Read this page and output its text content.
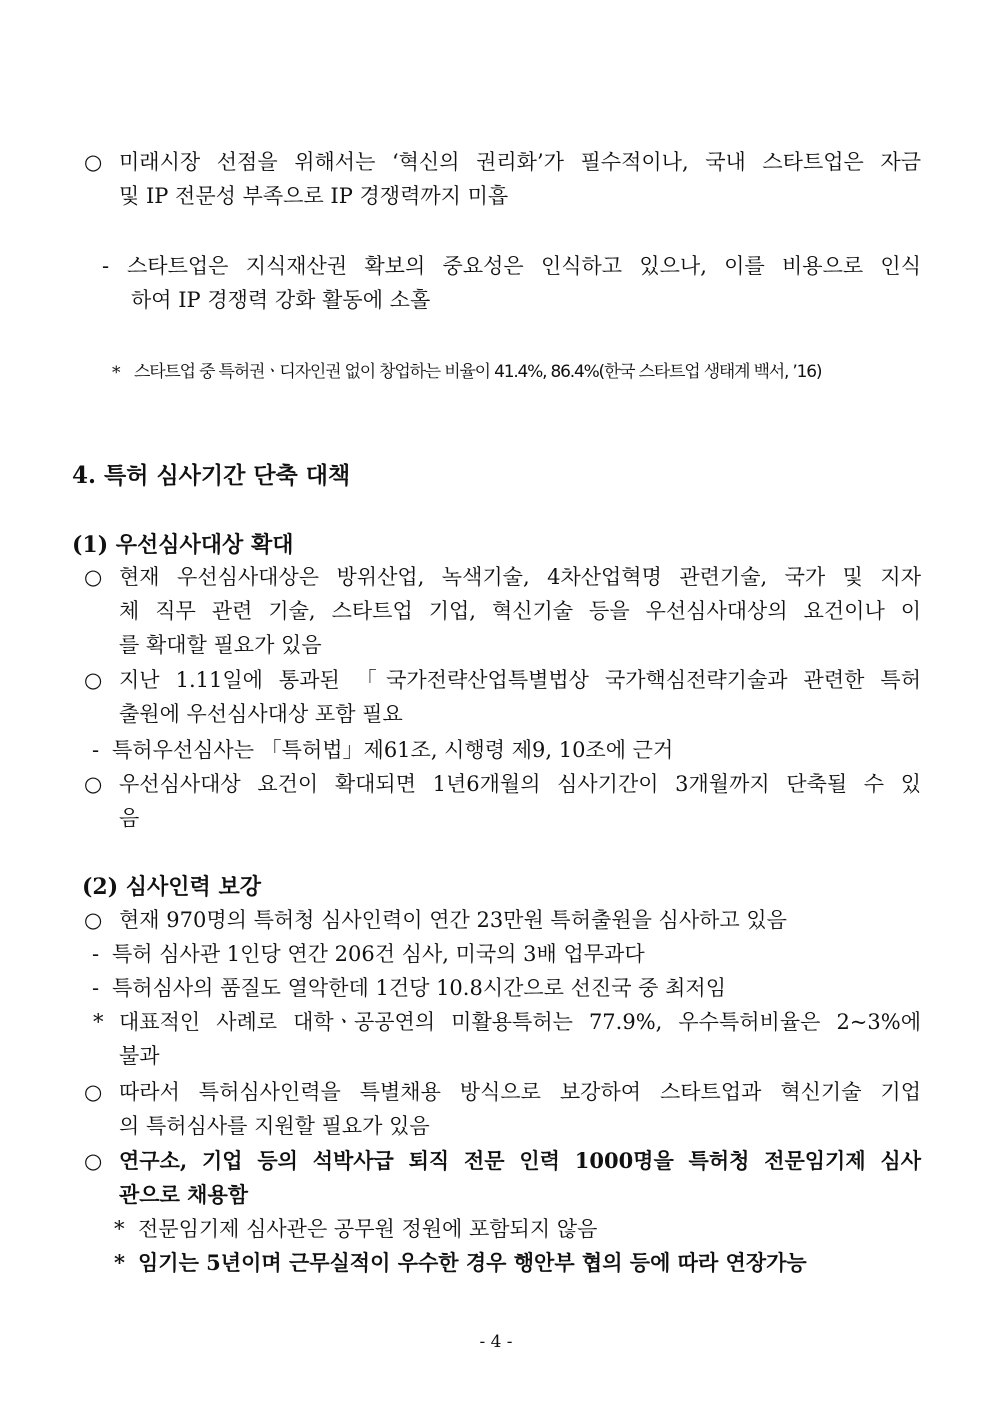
○ 미래시장 선점을 위해서는 ‘혁신의 권리화’가 필수적이나, 국내 스타트업은 자금
및 IP 전문성 부족으로 IP 경쟁력까지 미흡
- 스타트업은 지식재산권 확보의 중요성은 인식하고 있으나, 이를 비용으로 인식
하여 IP 경쟁력 강화 활동에 소홀
* 스타트업 중 특허권ㆍ디자인권 없이 창업하는 비율이 41.4%, 86.4%(한국 스타트업 생태계 백서, ’16)
4. 특허 심사기간 단축 대책
(1) 우선심사대상 확대
○ 현재 우선심사대상은 방위산업, 녹색기술, 4차산업혁명 관련기술, 국가 및 지자
체 직무 관련 기술, 스타트업 기업, 혁신기술 등을 우선심사대상의 요건이나 이
를 확대할 필요가 있음
○ 지난 1.11일에 통과된 「국가전략산업특별법상 국가핵심전략기술과 관련한 특허
출원에 우선심사대상 포함 필요
- 특허우선심사는 「특허법」제61조, 시행령 제9, 10조에 근거
○ 우선심사대상 요건이 확대되면 1년6개월의 심사기간이 3개월까지 단축될 수 있
음
(2) 심사인력 보강
○ 현재 970명의 특허청 심사인력이 연간 23만원 특허출원을 심사하고 있음
- 특허 심사관 1인당 연간 206건 심사, 미국의 3배 업무과다
- 특허심사의 품질도 열악한데 1건당 10.8시간으로 선진국 중 최저임
* 대표적인 사례로 대학ㆍ공공연의 미활용특허는 77.9%, 우수특허비율은 2~3%에
불과
○ 따라서 특허심사인력을 특별채용 방식으로 보강하여 스타트업과 혁신기술 기업
의 특허심사를 지원할 필요가 있음
○ 연구소, 기업 등의 석박사급 퇴직 전문 인력 1000명을 특허청 전문임기제 심사
관으로 채용함
* 전문임기제 심사관은 공무원 정원에 포함되지 않음
* 임기는 5년이며 근무실적이 우수한 경우 행안부 협의 등에 따라 연장가능
- 4 -
